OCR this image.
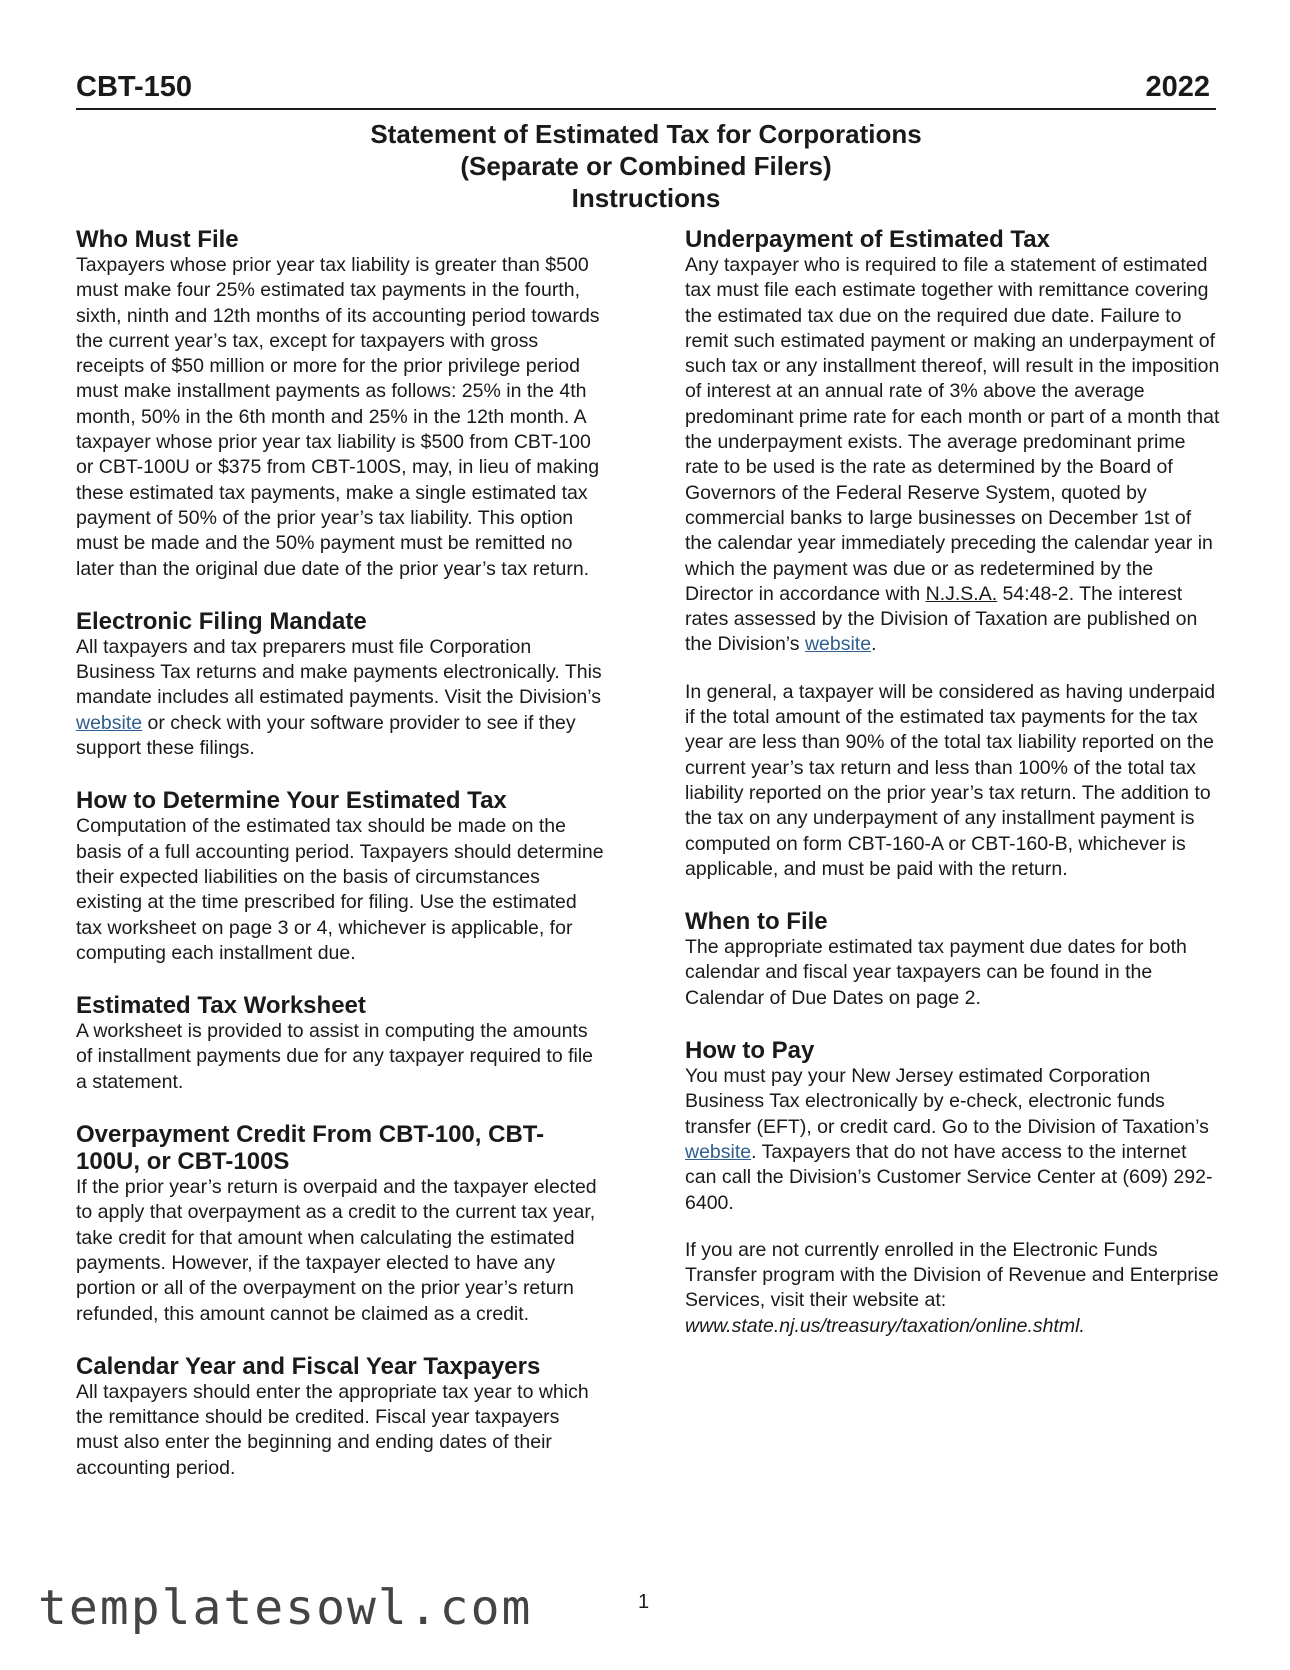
CBT-150	2022
Statement of Estimated Tax for Corporations
(Separate or Combined Filers)
Instructions
Who Must File

Taxpayers whose prior year tax liability is greater than $500 must make four 25% estimated tax payments in the fourth, sixth, ninth and 12th months of its accounting period towards the current year’s tax, except for taxpayers with gross receipts of $50 million or more for the prior privilege period must make installment payments as follows: 25% in the 4th month, 50% in the 6th month and 25% in the 12th month. A taxpayer whose prior year tax liability is $500 from CBT-100 or CBT-100U or $375 from CBT-100S, may, in lieu of making these estimated tax payments, make a single estimated tax payment of 50% of the prior year’s tax liability. This option must be made and the 50% payment must be remitted no later than the original due date of the prior year’s tax return.

Electronic Filing Mandate

All taxpayers and tax preparers must file Corporation Business Tax returns and make payments electronically. This mandate includes all estimated payments. Visit the Division’s website or check with your software provider to see if they support these filings.

How to Determine Your Estimated Tax

Computation of the estimated tax should be made on the basis of a full accounting period. Taxpayers should determine their expected liabilities on the basis of circumstances existing at the time prescribed for filing. Use the estimated tax worksheet on page 3 or 4, whichever is applicable, for computing each installment due.

Estimated Tax Worksheet

A worksheet is provided to assist in computing the amounts of installment payments due for any taxpayer required to file a statement.

Overpayment Credit From CBT-100, CBT-100U, or CBT-100S

If the prior year’s return is overpaid and the taxpayer elected to apply that overpayment as a credit to the current tax year, take credit for that amount when calculating the estimated payments. However, if the taxpayer elected to have any portion or all of the overpayment on the prior year’s return refunded, this amount cannot be claimed as a credit.

Calendar Year and Fiscal Year Taxpayers

All taxpayers should enter the appropriate tax year to which the remittance should be credited. Fiscal year taxpayers must also enter the beginning and ending dates of their accounting period.

Underpayment of Estimated Tax

Any taxpayer who is required to file a statement of estimated tax must file each estimate together with remittance covering the estimated tax due on the required due date. Failure to remit such estimated payment or making an underpayment of such tax or any installment thereof, will result in the imposition of interest at an annual rate of 3% above the average predominant prime rate for each month or part of a month that the underpayment exists. The average predominant prime rate to be used is the rate as determined by the Board of Governors of the Federal Reserve System, quoted by commercial banks to large businesses on December 1st of the calendar year immediately preceding the calendar year in which the payment was due or as redetermined by the Director in accordance with N.J.S.A. 54:48-2. The interest rates assessed by the Division of Taxation are published on the Division’s website.

In general, a taxpayer will be considered as having underpaid if the total amount of the estimated tax payments for the tax year are less than 90% of the total tax liability reported on the current year’s tax return and less than 100% of the total tax liability reported on the prior year’s tax return. The addition to the tax on any underpayment of any installment payment is computed on form CBT-160-A or CBT-160-B, whichever is applicable, and must be paid with the return.

When to File

The appropriate estimated tax payment due dates for both calendar and fiscal year taxpayers can be found in the Calendar of Due Dates on page 2.

How to Pay

You must pay your New Jersey estimated Corporation Business Tax electronically by e-check, electronic funds transfer (EFT), or credit card. Go to the Division of Taxation’s website. Taxpayers that do not have access to the internet can call the Division’s Customer Service Center at (609) 292-6400.

If you are not currently enrolled in the Electronic Funds Transfer program with the Division of Revenue and Enterprise Services, visit their website at: www.state.nj.us/treasury/taxation/online.shtml.

templatesowl.com	1
